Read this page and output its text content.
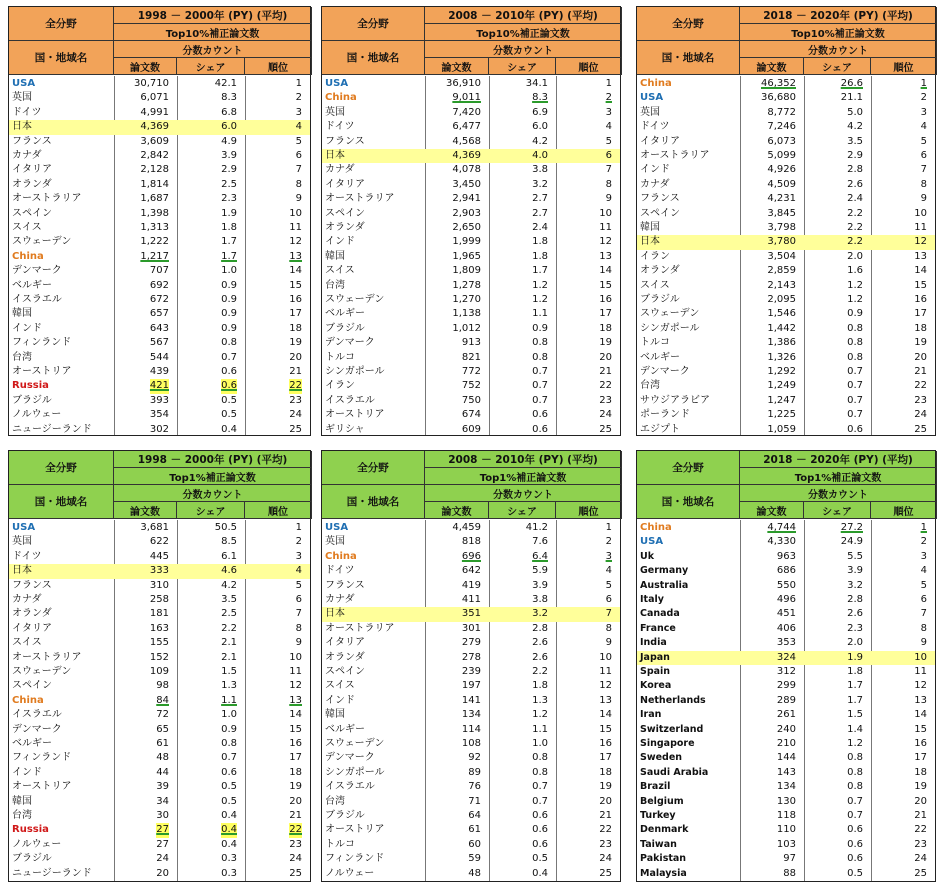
全分野
国・地域名
1998 － 2000年 (PY) (平均)
Top10%補正論文数
分数カウント
論文数	シェア	順位
USA	30,710	42.1	1
英国	6,071	8.3	2
ドイツ	4,991	6.8	3
日本	4,369	6.0	4
フランス	3,609	4.9	5
カナダ	2,842	3.9	6
イタリア	2,128	2.9	7
オランダ	1,814	2.5	8
オーストラリア	1,687	2.3	9
スペイン	1,398	1.9	10
スイス	1,313	1.8	11
スウェーデン	1,222	1.7	12
China	1,217	1.7	13
デンマーク	707	1.0	14
ベルギー	692	0.9	15
イスラエル	672	0.9	16
韓国	657	0.9	17
インド	643	0.9	18
フィンランド	567	0.8	19
台湾	544	0.7	20
オーストリア	439	0.6	21
Russia	421	0.6	22
ブラジル	393	0.5	23
ノルウェー	354	0.5	24
ニュージーランド	302	0.4	25
全分野
国・地域名
2008 － 2010年 (PY) (平均)
Top10%補正論文数
分数カウント
論文数	シェア	順位
USA	36,910	34.1	1
China	9,011	8.3	2
英国	7,420	6.9	3
ドイツ	6,477	6.0	4
フランス	4,568	4.2	5
日本	4,369	4.0	6
カナダ	4,078	3.8	7
イタリア	3,450	3.2	8
オーストラリア	2,941	2.7	9
スペイン	2,903	2.7	10
オランダ	2,650	2.4	11
インド	1,999	1.8	12
韓国	1,965	1.8	13
スイス	1,809	1.7	14
台湾	1,278	1.2	15
スウェーデン	1,270	1.2	16
ベルギー	1,138	1.1	17
ブラジル	1,012	0.9	18
デンマーク	913	0.8	19
トルコ	821	0.8	20
シンガポール	772	0.7	21
イラン	752	0.7	22
イスラエル	750	0.7	23
オーストリア	674	0.6	24
ギリシャ	609	0.6	25
全分野
国・地域名
2018 － 2020年 (PY) (平均)
Top10%補正論文数
分数カウント
論文数	シェア	順位
China	46,352	26.6	1
USA	36,680	21.1	2
英国	8,772	5.0	3
ドイツ	7,246	4.2	4
イタリア	6,073	3.5	5
オーストラリア	5,099	2.9	6
インド	4,926	2.8	7
カナダ	4,509	2.6	8
フランス	4,231	2.4	9
スペイン	3,845	2.2	10
韓国	3,798	2.2	11
日本	3,780	2.2	12
イラン	3,504	2.0	13
オランダ	2,859	1.6	14
スイス	2,143	1.2	15
ブラジル	2,095	1.2	16
スウェーデン	1,546	0.9	17
シンガポール	1,442	0.8	18
トルコ	1,386	0.8	19
ベルギー	1,326	0.8	20
デンマーク	1,292	0.7	21
台湾	1,249	0.7	22
サウジアラビア	1,247	0.7	23
ポーランド	1,225	0.7	24
エジプト	1,059	0.6	25
全分野
国・地域名
1998 － 2000年 (PY) (平均)
Top1%補正論文数
分数カウント
論文数	シェア	順位
USA	3,681	50.5	1
英国	622	8.5	2
ドイツ	445	6.1	3
日本	333	4.6	4
フランス	310	4.2	5
カナダ	258	3.5	6
オランダ	181	2.5	7
イタリア	163	2.2	8
スイス	155	2.1	9
オーストラリア	152	2.1	10
スウェーデン	109	1.5	11
スペイン	98	1.3	12
China	84	1.1	13
イスラエル	72	1.0	14
デンマーク	65	0.9	15
ベルギー	61	0.8	16
フィンランド	48	0.7	17
インド	44	0.6	18
オーストリア	39	0.5	19
韓国	34	0.5	20
台湾	30	0.4	21
Russia	27	0.4	22
ノルウェー	27	0.4	23
ブラジル	24	0.3	24
ニュージーランド	20	0.3	25
全分野
国・地域名
2008 － 2010年 (PY) (平均)
Top1%補正論文数
分数カウント
論文数	シェア	順位
USA	4,459	41.2	1
英国	818	7.6	2
China	696	6.4	3
ドイツ	642	5.9	4
フランス	419	3.9	5
カナダ	411	3.8	6
日本	351	3.2	7
オーストラリア	301	2.8	8
イタリア	279	2.6	9
オランダ	278	2.6	10
スペイン	239	2.2	11
スイス	197	1.8	12
インド	141	1.3	13
韓国	134	1.2	14
ベルギー	114	1.1	15
スウェーデン	108	1.0	16
デンマーク	92	0.8	17
シンガポール	89	0.8	18
イスラエル	76	0.7	19
台湾	71	0.7	20
ブラジル	64	0.6	21
オーストリア	61	0.6	22
トルコ	60	0.6	23
フィンランド	59	0.5	24
ノルウェー	48	0.4	25
全分野
国・地域名
2018 － 2020年 (PY) (平均)
Top1%補正論文数
分数カウント
論文数	シェア	順位
China	4,744	27.2	1
USA	4,330	24.9	2
Uk	963	5.5	3
Germany	686	3.9	4
Australia	550	3.2	5
Italy	496	2.8	6
Canada	451	2.6	7
France	406	2.3	8
India	353	2.0	9
Japan	324	1.9	10
Spain	312	1.8	11
Korea	299	1.7	12
Netherlands	289	1.7	13
Iran	261	1.5	14
Switzerland	240	1.4	15
Singapore	210	1.2	16
Sweden	144	0.8	17
Saudi Arabia	143	0.8	18
Brazil	134	0.8	19
Belgium	130	0.7	20
Turkey	118	0.7	21
Denmark	110	0.6	22
Taiwan	103	0.6	23
Pakistan	97	0.6	24
Malaysia	88	0.5	25
